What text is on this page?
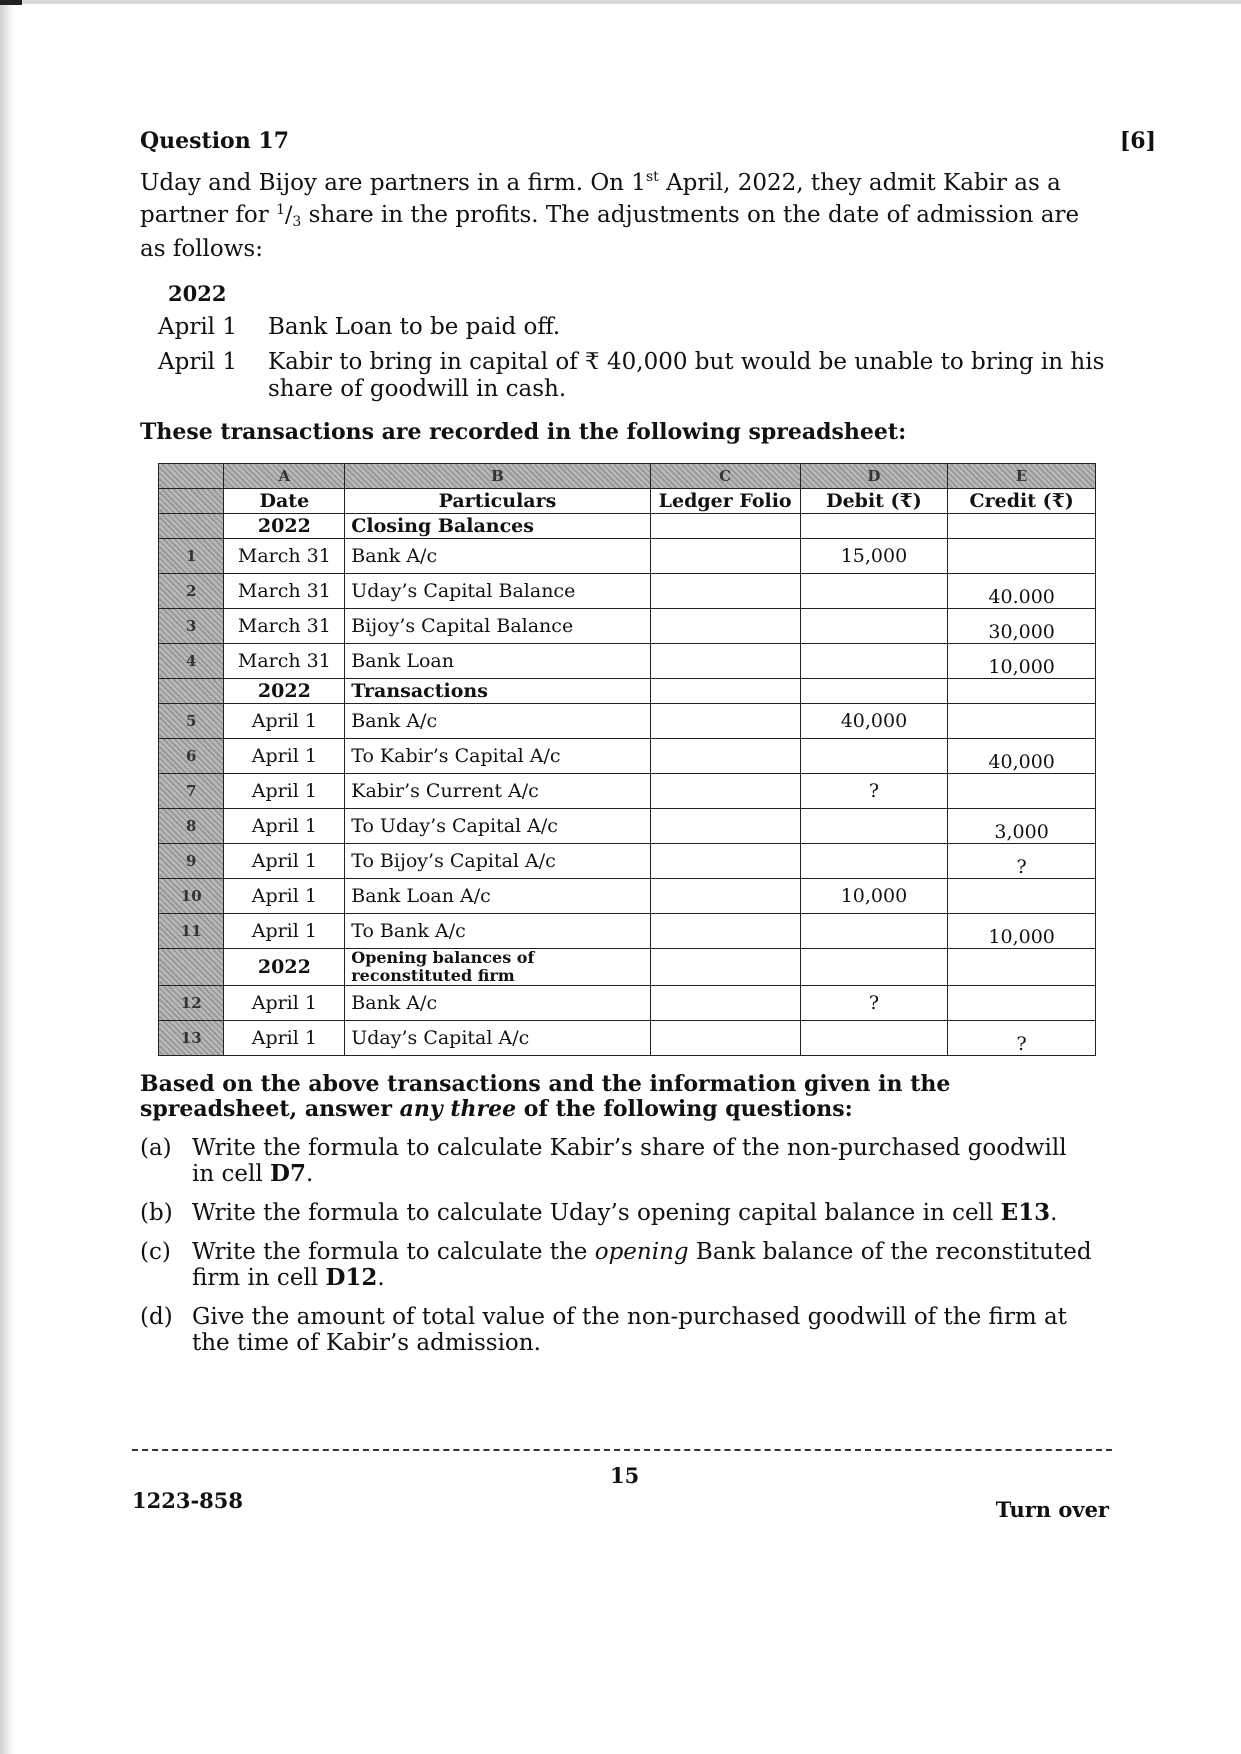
Question 17	[6]
Uday and Bijoy are partners in a firm. On 1st April, 2022, they admit Kabir as a partner for $^1$/3 share in the profits. The adjustments on the date of admission are as follows:
2022
April 1	Bank Loan to be paid off.
April 1	Kabir to bring in capital of ₹ 40,000 but would be unable to bring in his share of goodwill in cash.
These transactions are recorded in the following spreadsheet:
	A	B	C	D	E
	Date	Particulars	Ledger Folio	Debit (₹)	Credit (₹)
	2022	Closing Balances			
1	March 31	Bank A/c		15,000	
2	March 31	Uday’s Capital Balance			40.000
3	March 31	Bijoy’s Capital Balance			30,000
4	March 31	Bank Loan			10,000
	2022	Transactions			
5	April 1	Bank A/c		40,000	
6	April 1	To Kabir’s Capital A/c			40,000
7	April 1	Kabir’s Current A/c		?	
8	April 1	To Uday’s Capital A/c			3,000
9	April 1	To Bijoy’s Capital A/c			?
10	April 1	Bank Loan A/c		10,000	
11	April 1	To Bank A/c			10,000
	2022	Opening balances of reconstituted firm			
12	April 1	Bank A/c		?	
13	April 1	Uday’s Capital A/c			?
Based on the above transactions and the information given in the spreadsheet, answer any three of the following questions:
(a) Write the formula to calculate Kabir’s share of the non-purchased goodwill in cell D7.
(b) Write the formula to calculate Uday’s opening capital balance in cell E13.
(c) Write the formula to calculate the opening Bank balance of the reconstituted firm in cell D12.
(d) Give the amount of total value of the non-purchased goodwill of the firm at the time of Kabir’s admission.
15
1223-858	Turn over
